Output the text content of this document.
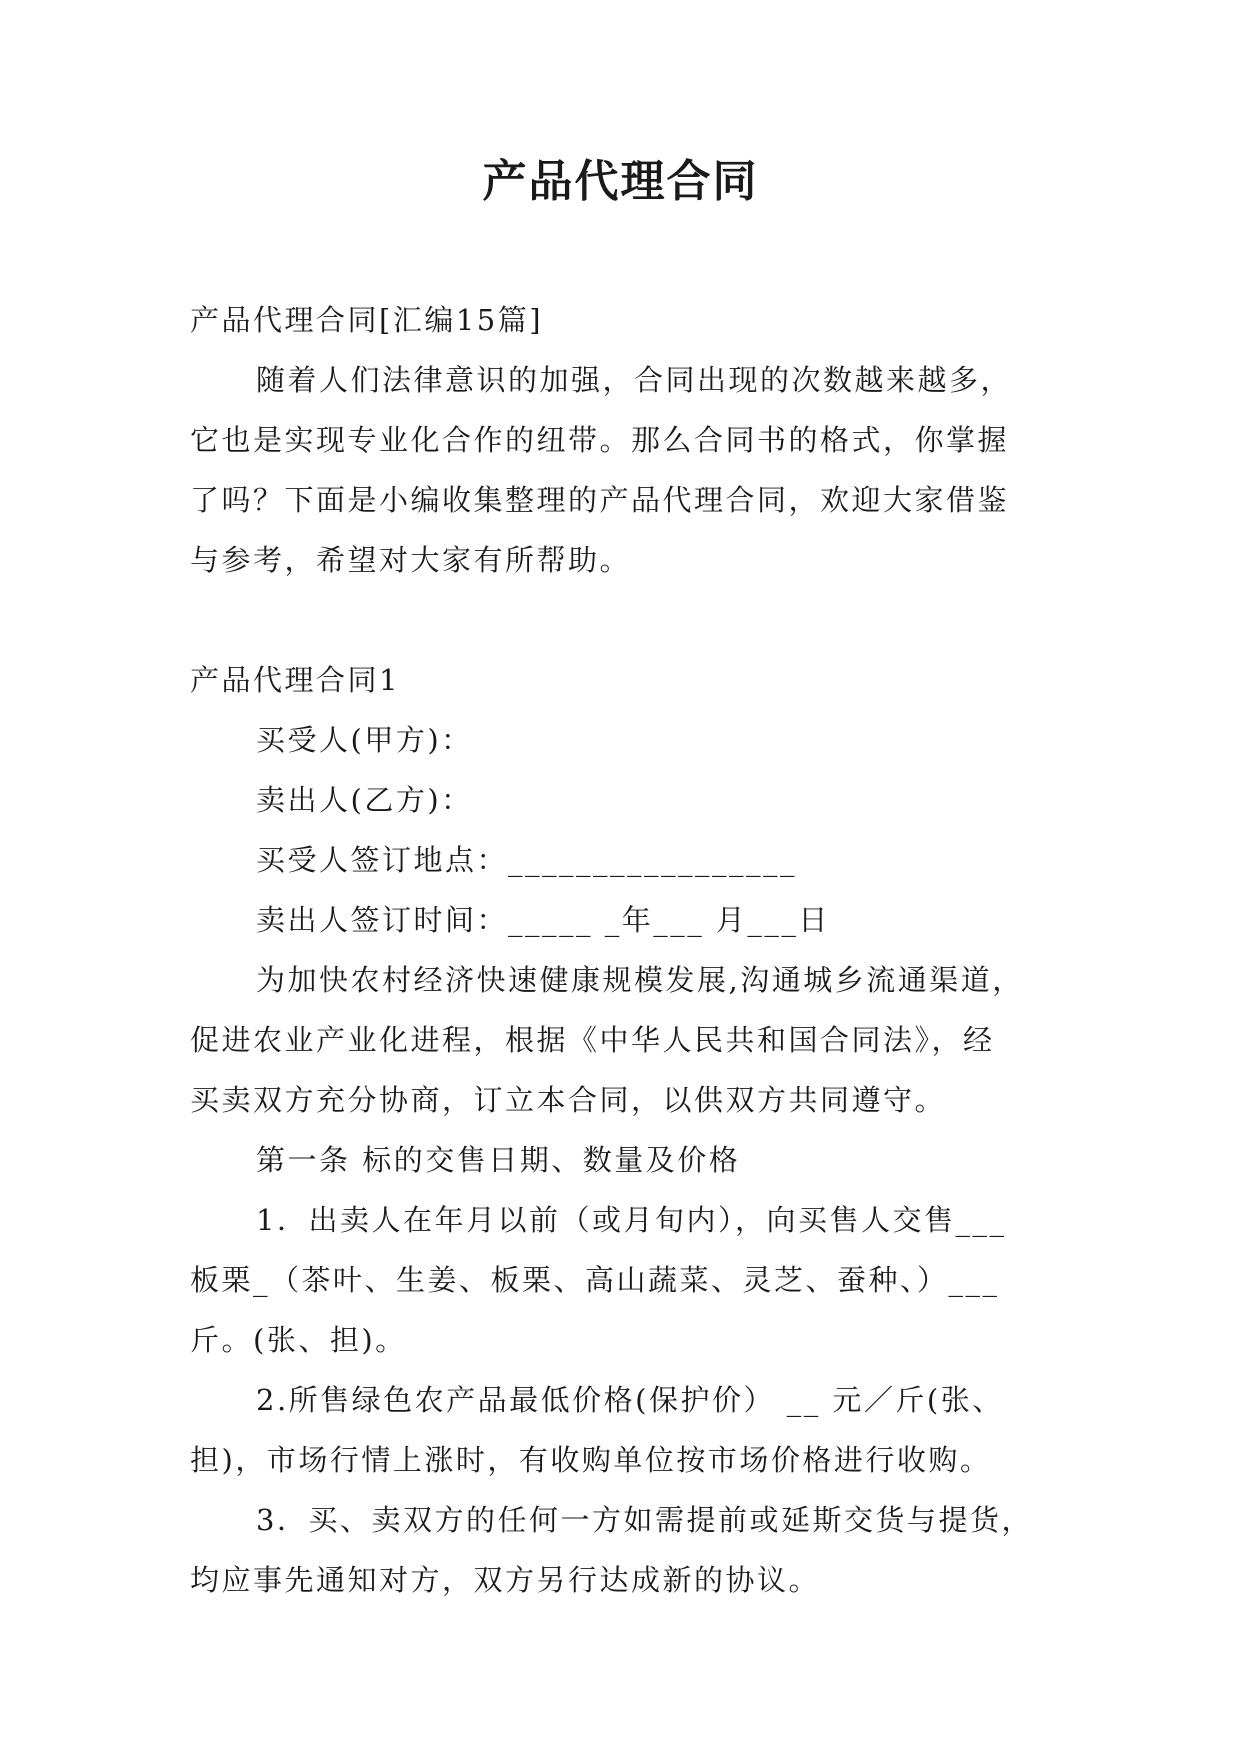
产品代理合同

产品代理合同[汇编15篇]

随着人们法律意识的加强，合同出现的次数越来越多，

它也是实现专业化合作的纽带。那么合同书的格式，你掌握

了吗？下面是小编收集整理的产品代理合同，欢迎大家借鉴

与参考，希望对大家有所帮助。

产品代理合同1

买受人(甲方)：

卖出人(乙方)：

买受人签订地点：_________________

卖出人签订时间：_____ _年___ 月___日

为加快农村经济快速健康规模发展,沟通城乡流通渠道，

促进农业产业化进程，根据《中华人民共和国合同法》，经

买卖双方充分协商，订立本合同，以供双方共同遵守。

第一条 标的交售日期、数量及价格

1．出卖人在年月以前（或月旬内），向买售人交售___

板栗_（茶叶、生姜、板栗、高山蔬菜、灵芝、蚕种、）___

斤。(张、担)。

2.所售绿色农产品最低价格(保护价） __ 元／斤(张、

担)，市场行情上涨时，有收购单位按市场价格进行收购。

3．买、卖双方的任何一方如需提前或延斯交货与提货，

均应事先通知对方，双方另行达成新的协议。
